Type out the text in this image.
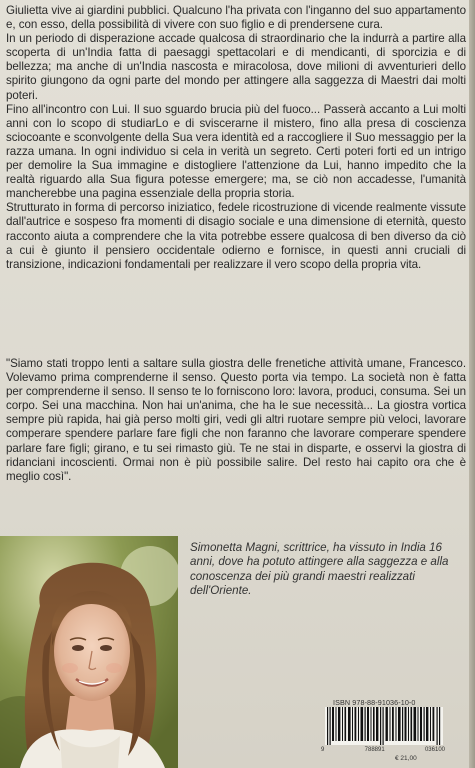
Giulietta vive ai giardini pubblici. Qualcuno l'ha privata con l'inganno del suo appartamento e, con esso, della possibilità di vivere con suo figlio e di prendersene cura.

In un periodo di disperazione accade qualcosa di straordinario che la indurrà a partire alla scoperta di un'India fatta di paesaggi spettacolari e di mendicanti, di sporcizia e di bellezza; ma anche di un'India nascosta e miracolosa, dove milioni di avventurieri dello spirito giungono da ogni parte del mondo per attingere alla saggezza di Maestri dai molti poteri.

Fino all'incontro con Lui. Il suo sguardo brucia più del fuoco... Passerà accanto a Lui molti anni con lo scopo di studiarLo e di sviscerarne il mistero, fino alla presa di coscienza sciocoante e sconvolgente della Sua vera identità ed a raccogliere il Suo messaggio per la razza umana. In ogni individuo si cela in verità un segreto. Certi poteri forti ed un intrigo per demolire la Sua immagine e distogliere l'attenzione da Lui, hanno impedito che la realtà riguardo alla Sua figura potesse emergere; ma, se ciò non accadesse, l'umanità mancherebbe una pagina essenziale della propria storia.

Strutturato in forma di percorso iniziatico, fedele ricostruzione di vicende realmente vissute dall'autrice e sospeso fra momenti di disagio sociale e una dimensione di eternità, questo racconto aiuta a comprendere che la vita potrebbe essere qualcosa di ben diverso da ciò a cui è giunto il pensiero occidentale odierno e fornisce, in questi anni cruciali di transizione, indicazioni fondamentali per realizzare il vero scopo della propria vita.

"Siamo stati troppo lenti a saltare sulla giostra delle frenetiche attività umane, Francesco. Volevamo prima comprenderne il senso. Questo porta via tempo. La società non è fatta per comprenderne il senso. Il senso te lo forniscono loro: lavora, produci, consuma. Sei un corpo. Sei una macchina. Non hai un'anima, che ha le sue necessità... La giostra vortica sempre più rapida, hai già perso molti giri, vedi gli altri ruotare sempre più veloci, lavorare comperare spendere parlare fare figli che non faranno che lavorare comperare spendere parlare fare figli; girano, e tu sei rimasto giù. Te ne stai in disparte, e osservi la giostra di ridanciani incoscienti. Ormai non è più possibile salire. Del resto hai capito ora che è meglio così".

Simonetta Magni, scrittrice, ha vissuto in India 16 anni, dove ha potuto attingere alla saggezza e alla conoscenza dei più grandi maestri realizzati dell'Oriente.
ISBN 978-88-91036-10-0
9	788891	036100
€ 21,00
